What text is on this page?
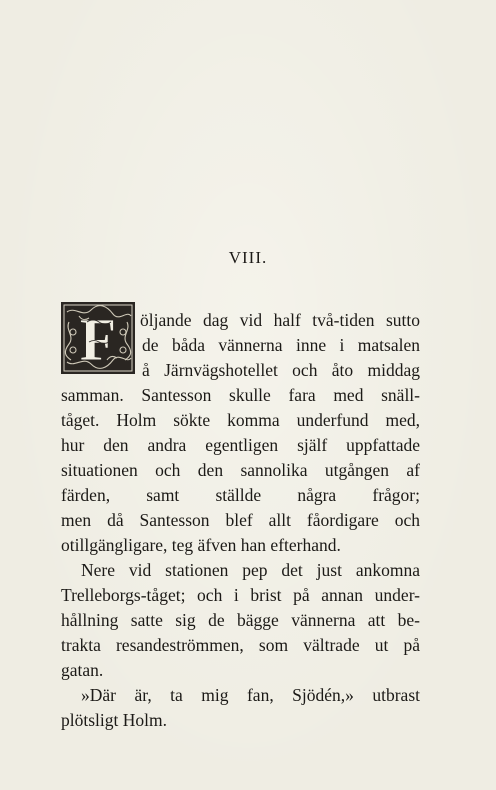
VIII.
F öljande dag vid half två-tiden sutto
de båda vännerna inne i matsalen
å Järnvägshotellet och åto middag
samman. Santesson skulle fara med snäll-
tåget. Holm sökte komma underfund med,
hur den andra egentligen själf uppfattade
situationen och den sannolika utgången af
färden, samt ställde några frågor;
men då Santesson blef allt fåordigare och
otillgängligare, teg äfven han efterhand.
Nere vid stationen pep det just ankomna
Trelleborgs-tåget; och i brist på annan under-
hållning satte sig de bägge vännerna att be-
trakta resandeströmmen, som vältrade ut på
gatan.
»Där är, ta mig fan, Sjödén,» utbrast
plötsligt Holm.
